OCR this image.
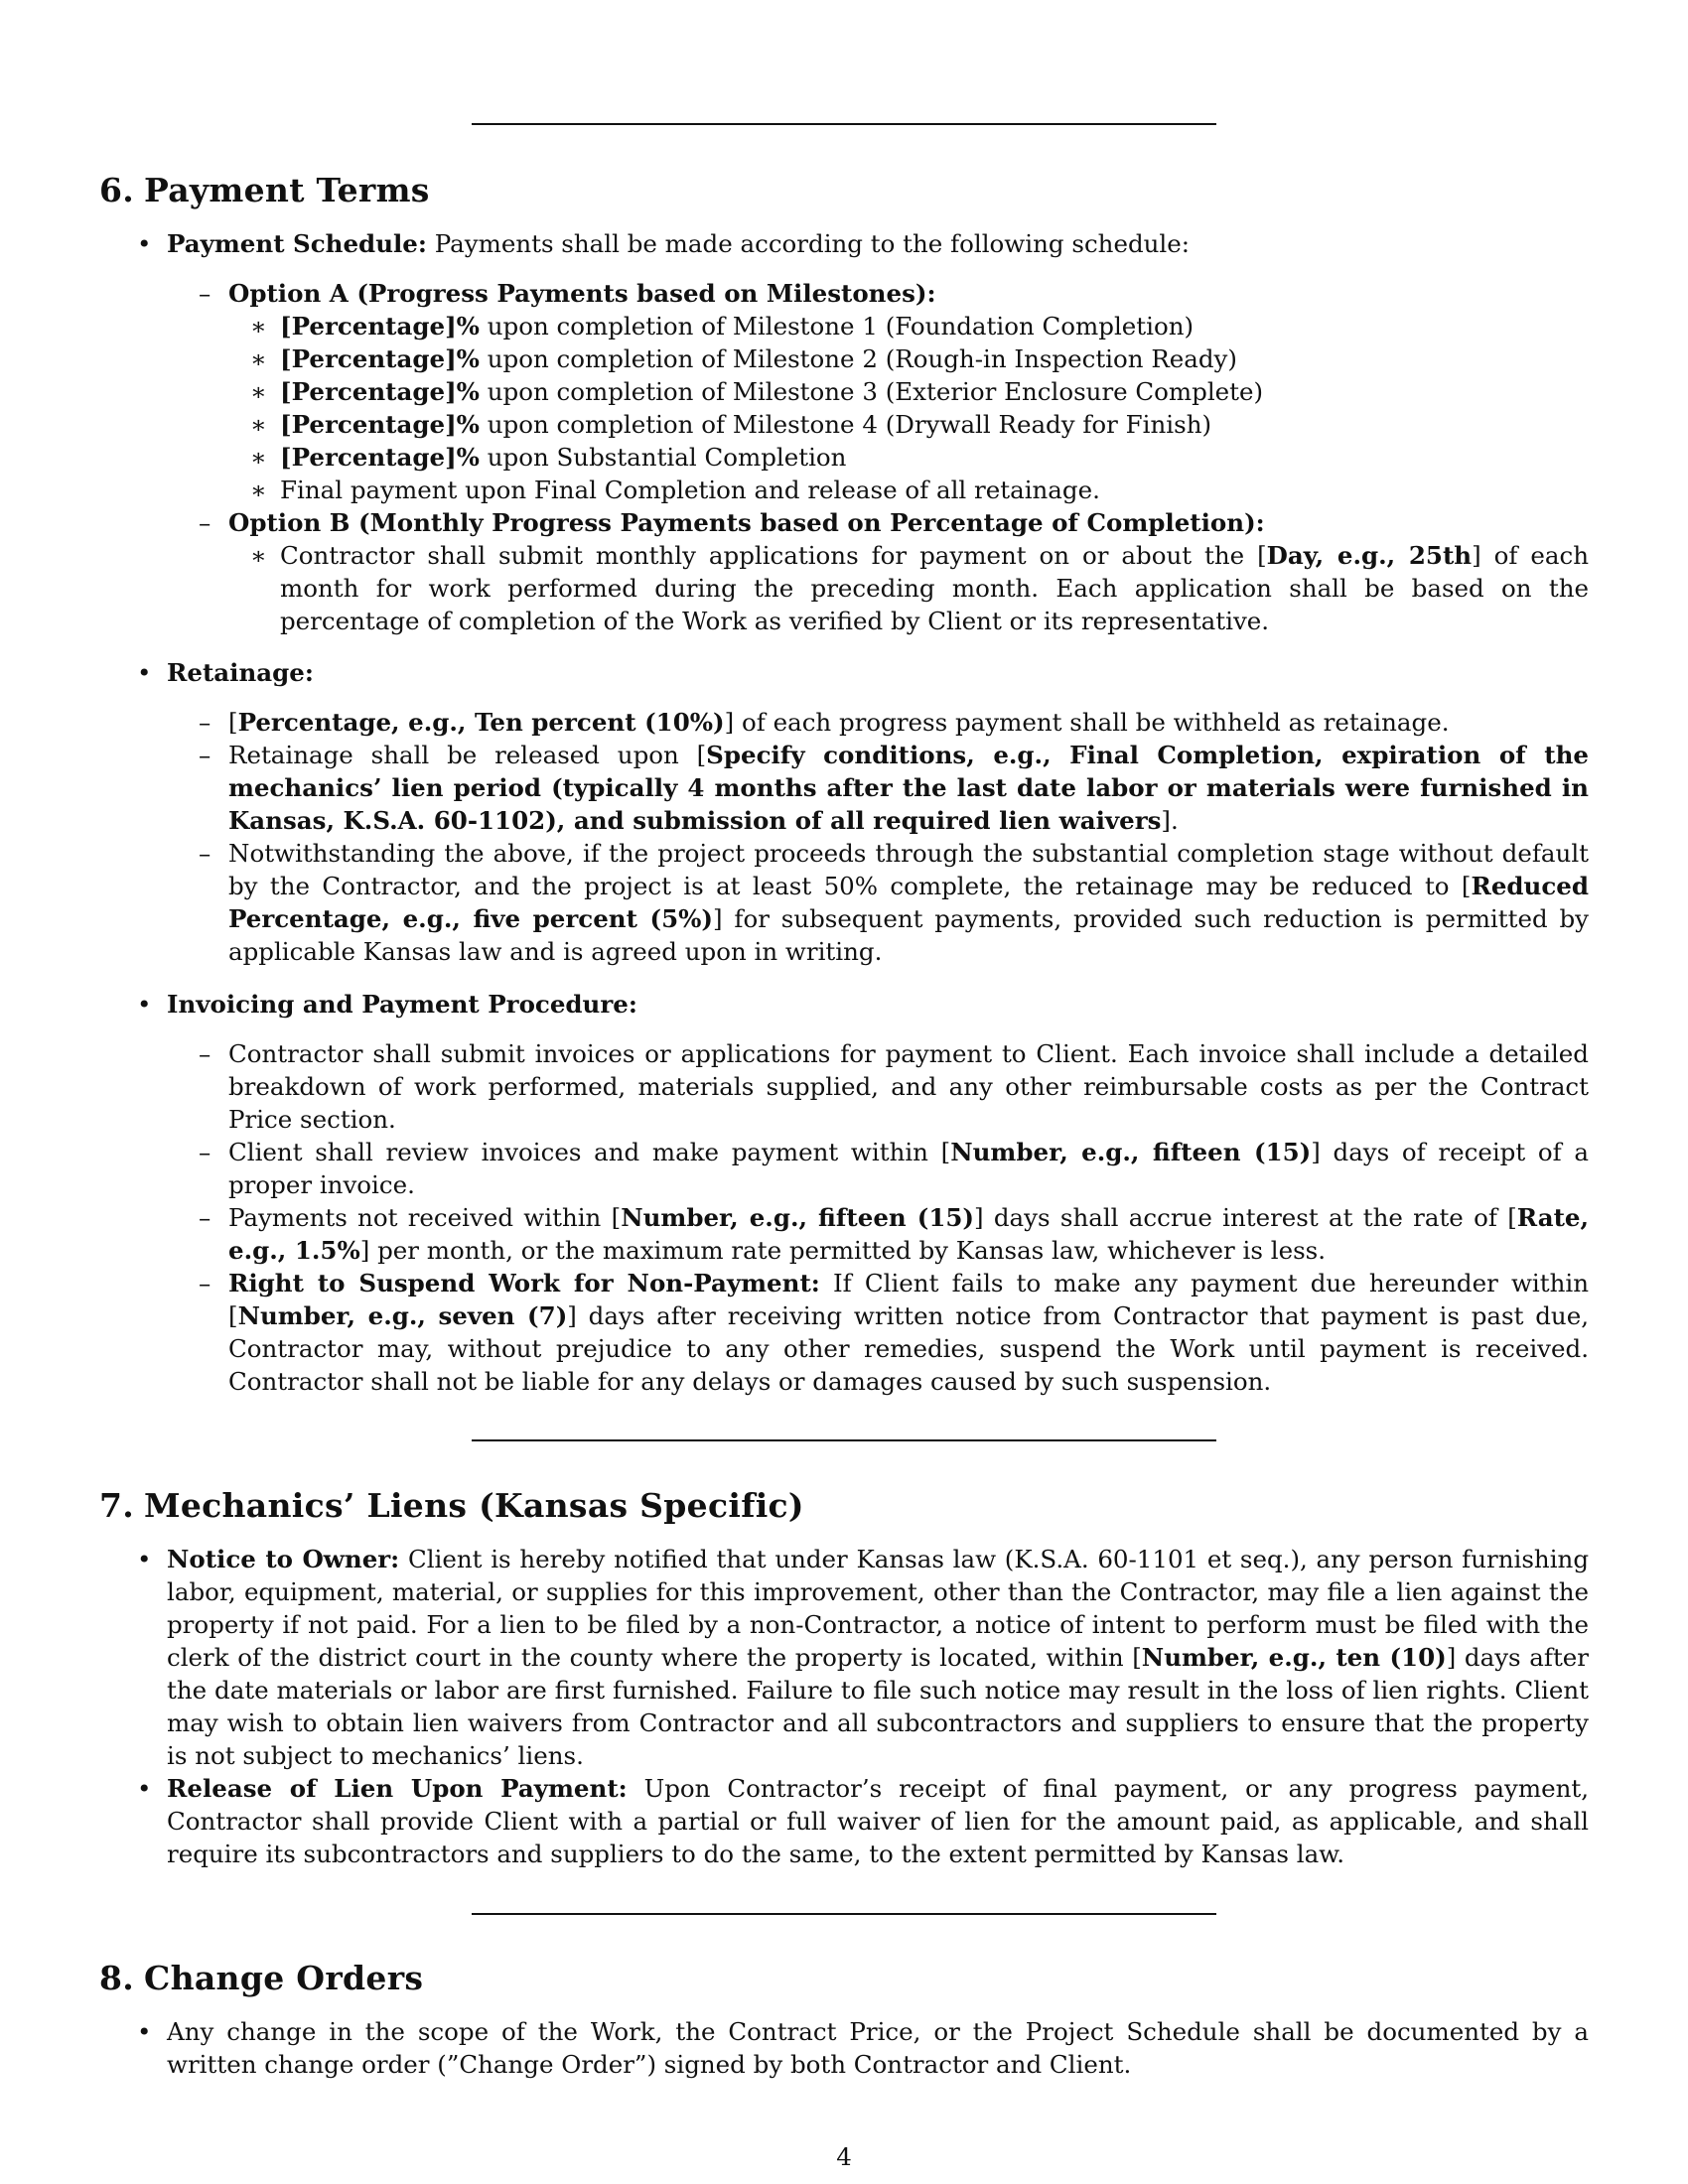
6. Payment Terms
• Payment Schedule: Payments shall be made according to the following schedule:
– Option A (Progress Payments based on Milestones):
∗ [Percentage]% upon completion of Milestone 1 (Foundation Completion)
∗ [Percentage]% upon completion of Milestone 2 (Rough-in Inspection Ready)
∗ [Percentage]% upon completion of Milestone 3 (Exterior Enclosure Complete)
∗ [Percentage]% upon completion of Milestone 4 (Drywall Ready for Finish)
∗ [Percentage]% upon Substantial Completion
∗ Final payment upon Final Completion and release of all retainage.
– Option B (Monthly Progress Payments based on Percentage of Completion):
∗ Contractor shall submit monthly applications for payment on or about the [Day, e.g., 25th] of each month for work performed during the preceding month. Each application shall be based on the percentage of completion of the Work as verified by Client or its representative.
• Retainage:
– [Percentage, e.g., Ten percent (10%)] of each progress payment shall be withheld as retainage.
– Retainage shall be released upon [Specify conditions, e.g., Final Completion, expiration of the mechanics’ lien period (typically 4 months after the last date labor or materials were furnished in Kansas, K.S.A. 60-1102), and submission of all required lien waivers].
– Notwithstanding the above, if the project proceeds through the substantial completion stage without default by the Contractor, and the project is at least 50% complete, the retainage may be reduced to [Reduced Percentage, e.g., five percent (5%)] for subsequent payments, provided such reduction is permitted by applicable Kansas law and is agreed upon in writing.
• Invoicing and Payment Procedure:
– Contractor shall submit invoices or applications for payment to Client. Each invoice shall include a detailed breakdown of work performed, materials supplied, and any other reimbursable costs as per the Contract Price section.
– Client shall review invoices and make payment within [Number, e.g., fifteen (15)] days of receipt of a proper invoice.
– Payments not received within [Number, e.g., fifteen (15)] days shall accrue interest at the rate of [Rate, e.g., 1.5%] per month, or the maximum rate permitted by Kansas law, whichever is less.
– Right to Suspend Work for Non-Payment: If Client fails to make any payment due hereunder within [Number, e.g., seven (7)] days after receiving written notice from Contractor that payment is past due, Contractor may, without prejudice to any other remedies, suspend the Work until payment is received. Contractor shall not be liable for any delays or damages caused by such suspension.
7. Mechanics’ Liens (Kansas Specific)
• Notice to Owner: Client is hereby notified that under Kansas law (K.S.A. 60-1101 et seq.), any person furnishing labor, equipment, material, or supplies for this improvement, other than the Contractor, may file a lien against the property if not paid. For a lien to be filed by a non-Contractor, a notice of intent to perform must be filed with the clerk of the district court in the county where the property is located, within [Number, e.g., ten (10)] days after the date materials or labor are first furnished. Failure to file such notice may result in the loss of lien rights. Client may wish to obtain lien waivers from Contractor and all subcontractors and suppliers to ensure that the property is not subject to mechanics’ liens.
• Release of Lien Upon Payment: Upon Contractor’s receipt of final payment, or any progress payment, Contractor shall provide Client with a partial or full waiver of lien for the amount paid, as applicable, and shall require its subcontractors and suppliers to do the same, to the extent permitted by Kansas law.
8. Change Orders
• Any change in the scope of the Work, the Contract Price, or the Project Schedule shall be documented by a written change order (”Change Order”) signed by both Contractor and Client.
4
